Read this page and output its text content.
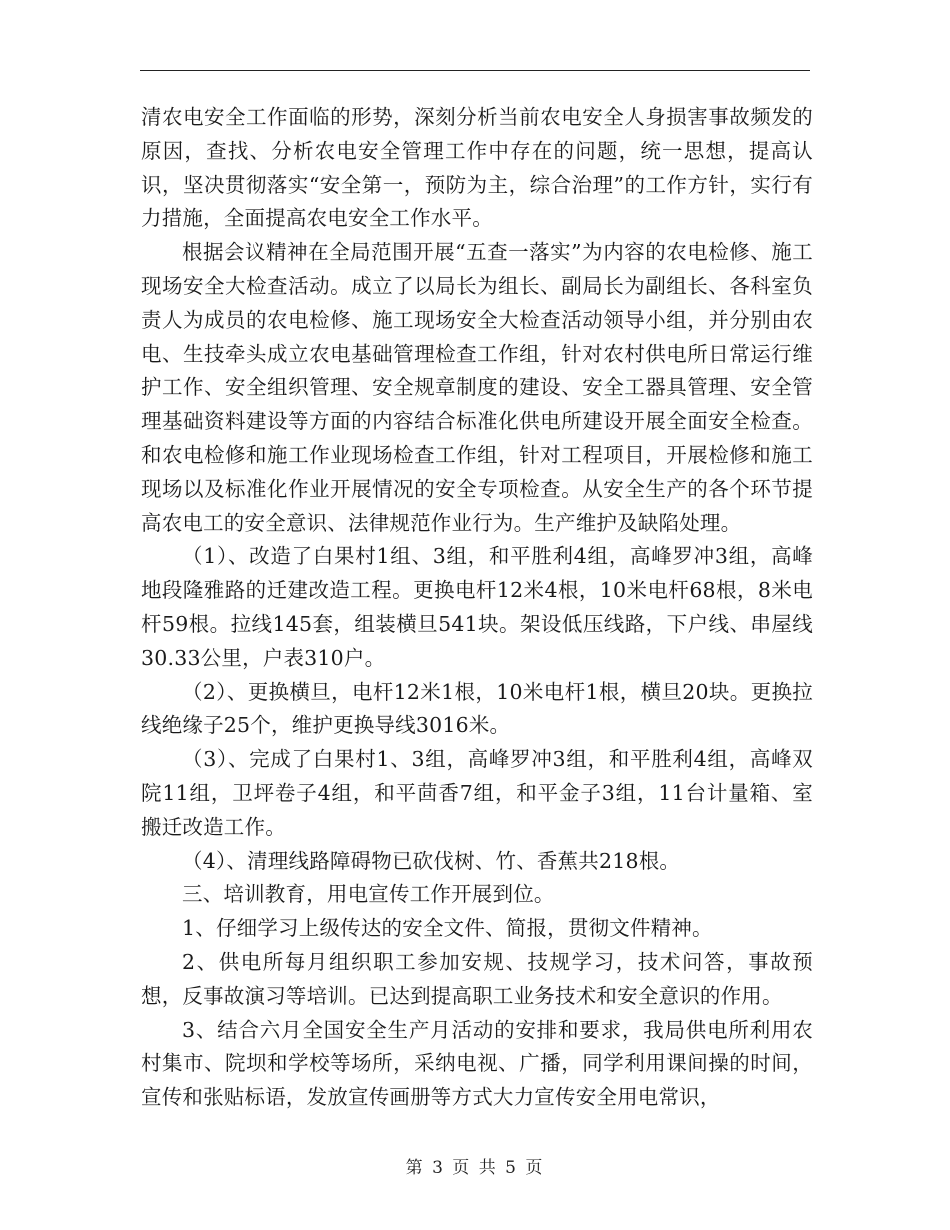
清农电安全工作面临的形势，深刻分析当前农电安全人身损害事故频发的原因，查找、分析农电安全管理工作中存在的问题，统一思想，提高认识，坚决贯彻落实“安全第一，预防为主，综合治理”的工作方针，实行有力措施，全面提高农电安全工作水平。

根据会议精神在全局范围开展“五查一落实”为内容的农电检修、施工现场安全大检查活动。成立了以局长为组长、副局长为副组长、各科室负责人为成员的农电检修、施工现场安全大检查活动领导小组，并分别由农电、生技牵头成立农电基础管理检查工作组，针对农村供电所日常运行维护工作、安全组织管理、安全规章制度的建设、安全工器具管理、安全管理基础资料建设等方面的内容结合标准化供电所建设开展全面安全检查。和农电检修和施工作业现场检查工作组，针对工程项目，开展检修和施工现场以及标准化作业开展情况的安全专项检查。从安全生产的各个环节提高农电工的安全意识、法律规范作业行为。生产维护及缺陷处理。

（1）、改造了白果村1组、3组，和平胜利4组，高峰罗冲3组，高峰地段隆雅路的迁建改造工程。更换电杆12米4根，10米电杆68根，8米电杆59根。拉线145套，组装横旦541块。架设低压线路，下户线、串屋线30.33公里，户表310户。

（2）、更换横旦，电杆12米1根，10米电杆1根，横旦20块。更换拉线绝缘子25个，维护更换导线3016米。

（3）、完成了白果村1、3组，高峰罗冲3组，和平胜利4组，高峰双院11组，卫坪卷子4组，和平茴香7组，和平金子3组，11台计量箱、室搬迁改造工作。

（4）、清理线路障碍物已砍伐树、竹、香蕉共218根。

三、培训教育，用电宣传工作开展到位。

1、仔细学习上级传达的安全文件、简报，贯彻文件精神。

2、供电所每月组织职工参加安规、技规学习，技术问答，事故预想，反事故演习等培训。已达到提高职工业务技术和安全意识的作用。

3、结合六月全国安全生产月活动的安排和要求，我局供电所利用农村集市、院坝和学校等场所，采纳电视、广播，同学利用课间操的时间，宣传和张贴标语，发放宣传画册等方式大力宣传安全用电常识，

第 3 页 共 5 页
